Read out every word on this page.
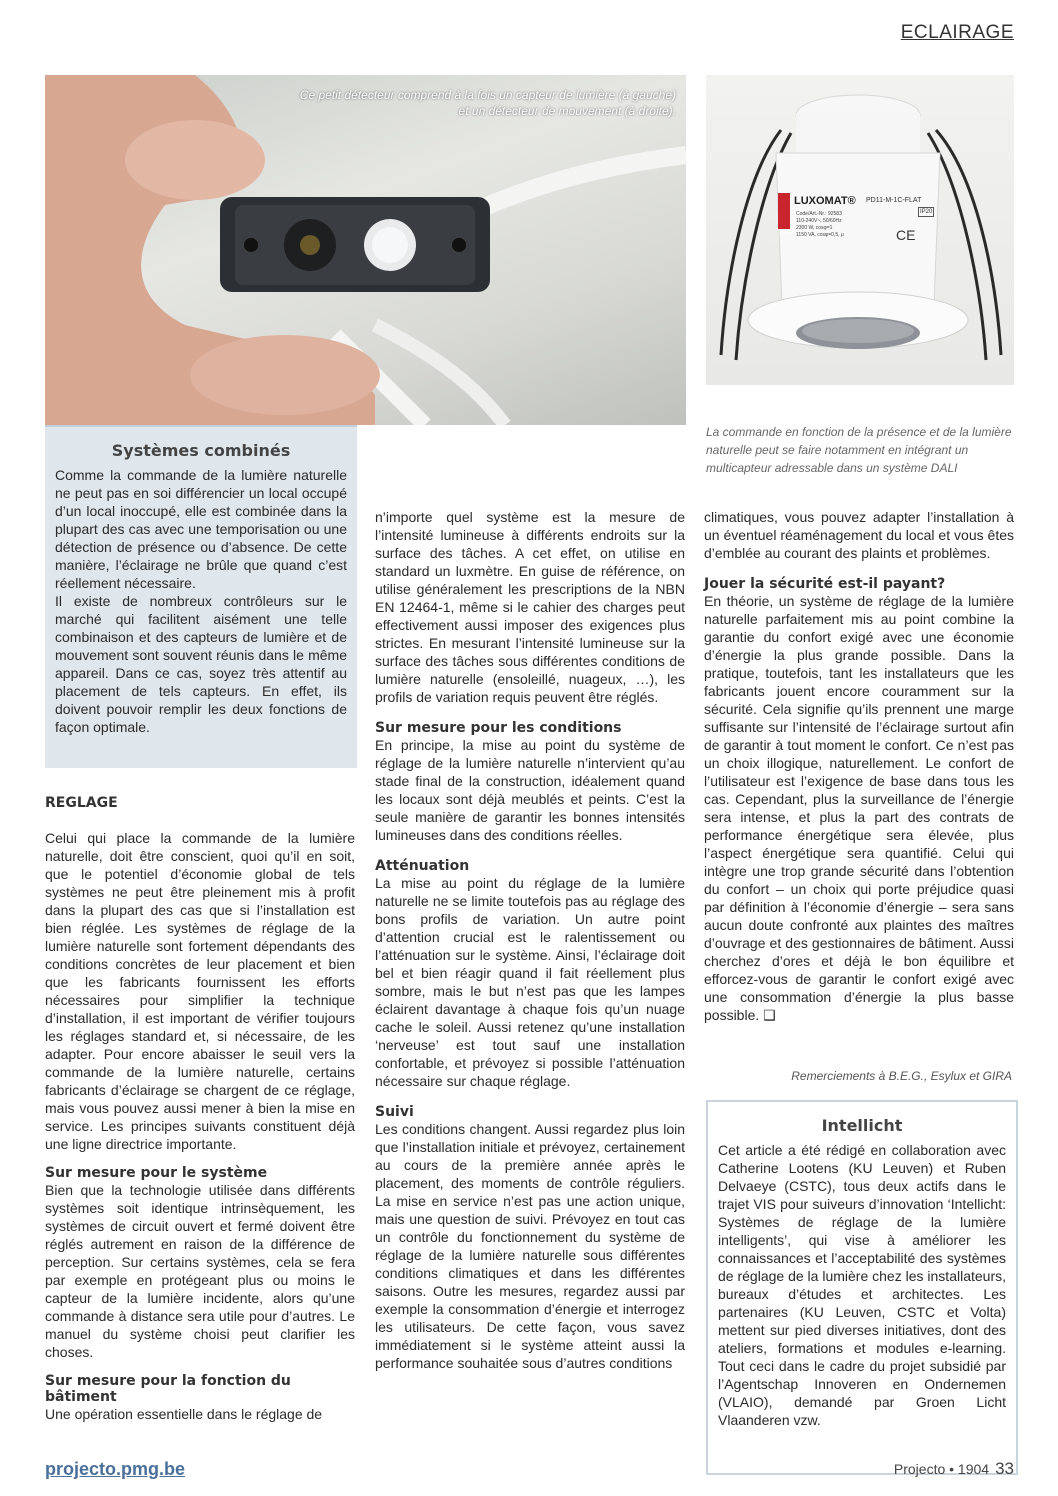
ECLAIRAGE
Ce petit détecteur comprend à la fois un capteur de lumière (à gauche)
et un détecteur de mouvement (à droite).
LUXOMAT® PD11-M-1C-FLAT
B.E.G.
Code/Art.-Nr.: 92583
110-240V~, 50/60Hz
2300 W, cosφ=1
1150 VA, cosφ=0,5, μ	CE
IP20
La commande en fonction de la présence et de la lumière naturelle peut se faire notamment en intégrant un multicapteur adressable dans un système DALI
Systèmes combinés

Comme la commande de la lumière naturelle ne peut pas en soi différencier un local occupé d’un local inoccupé, elle est combinée dans la plupart des cas avec une temporisation ou une détection de présence ou d’absence. De cette manière, l’éclairage ne brûle que quand c’est réellement nécessaire.

Il existe de nombreux contrôleurs sur le marché qui facilitent aisément une telle combinaison et des capteurs de lumière et de mouvement sont souvent réunis dans le même appareil. Dans ce cas, soyez très attentif au placement de tels capteurs. En effet, ils doivent pouvoir remplir les deux fonctions de façon optimale.

REGLAGE

Celui qui place la commande de la lumière naturelle, doit être conscient, quoi qu’il en soit, que le potentiel d’économie global de tels systèmes ne peut être pleinement mis à profit dans la plupart des cas que si l’installation est bien réglée. Les systèmes de réglage de la lumière naturelle sont fortement dépendants des conditions concrètes de leur placement et bien que les fabricants fournissent les efforts nécessaires pour simplifier la technique d’installation, il est important de vérifier toujours les réglages standard et, si nécessaire, de les adapter. Pour encore abaisser le seuil vers la commande de la lumière naturelle, certains fabricants d’éclairage se chargent de ce réglage, mais vous pouvez aussi mener à bien la mise en service. Les principes suivants constituent déjà une ligne directrice importante.

Sur mesure pour le système

Bien que la technologie utilisée dans différents systèmes soit identique intrinsèquement, les systèmes de circuit ouvert et fermé doivent être réglés autrement en raison de la différence de perception. Sur certains systèmes, cela se fera par exemple en protégeant plus ou moins le capteur de la lumière incidente, alors qu’une commande à distance sera utile pour d’autres. Le manuel du système choisi peut clarifier les choses.

Sur mesure pour la fonction du bâtiment

Une opération essentielle dans le réglage de

n’importe quel système est la mesure de l’intensité lumineuse à différents endroits sur la surface des tâches. A cet effet, on utilise en standard un luxmètre. En guise de référence, on utilise généralement les prescriptions de la NBN EN 12464-1, même si le cahier des charges peut effectivement aussi imposer des exigences plus strictes. En mesurant l’intensité lumineuse sur la surface des tâches sous différentes conditions de lumière naturelle (ensoleillé, nuageux, …), les profils de variation requis peuvent être réglés.

Sur mesure pour les conditions

En principe, la mise au point du système de réglage de la lumière naturelle n’intervient qu’au stade final de la construction, idéalement quand les locaux sont déjà meublés et peints. C’est la seule manière de garantir les bonnes intensités lumineuses dans des conditions réelles.

Atténuation

La mise au point du réglage de la lumière naturelle ne se limite toutefois pas au réglage des bons profils de variation. Un autre point d’attention crucial est le ralentissement ou l’atténuation sur le système. Ainsi, l’éclairage doit bel et bien réagir quand il fait réellement plus sombre, mais le but n’est pas que les lampes éclairent davantage à chaque fois qu’un nuage cache le soleil. Aussi retenez qu’une installation ‘nerveuse’ est tout sauf une installation confortable, et prévoyez si possible l’atténuation nécessaire sur chaque réglage.

Suivi

Les conditions changent. Aussi regardez plus loin que l’installation initiale et prévoyez, certainement au cours de la première année après le placement, des moments de contrôle réguliers. La mise en service n’est pas une action unique, mais une question de suivi. Prévoyez en tout cas un contrôle du fonctionnement du système de réglage de la lumière naturelle sous différentes conditions climatiques et dans les différentes saisons. Outre les mesures, regardez aussi par exemple la consommation d’énergie et interrogez les utilisateurs. De cette façon, vous savez immédiatement si le système atteint aussi la performance souhaitée sous d’autres conditions

climatiques, vous pouvez adapter l’installation à un éventuel réaménagement du local et vous êtes d’emblée au courant des plaints et problèmes.

Jouer la sécurité est-il payant?

En théorie, un système de réglage de la lumière naturelle parfaitement mis au point combine la garantie du confort exigé avec une économie d’énergie la plus grande possible. Dans la pratique, toutefois, tant les installateurs que les fabricants jouent encore couramment sur la sécurité. Cela signifie qu’ils prennent une marge suffisante sur l’intensité de l’éclairage surtout afin de garantir à tout moment le confort. Ce n’est pas un choix illogique, naturellement. Le confort de l’utilisateur est l’exigence de base dans tous les cas. Cependant, plus la surveillance de l’énergie sera intense, et plus la part des contrats de performance énergétique sera élevée, plus l’aspect énergétique sera quantifié. Celui qui intègre une trop grande sécurité dans l’obtention du confort – un choix qui porte préjudice quasi par définition à l’économie d’énergie – sera sans aucun doute confronté aux plaintes des maîtres d’ouvrage et des gestionnaires de bâtiment. Aussi cherchez d’ores et déjà le bon équilibre et efforcez-vous de garantir le confort exigé avec une consommation d’énergie la plus basse possible. ❑

Remerciements à B.E.G., Esylux et GIRA
Intellicht

Cet article a été rédigé en collaboration avec Catherine Lootens (KU Leuven) et Ruben Delvaeye (CSTC), tous deux actifs dans le trajet VIS pour suiveurs d’innovation ‘Intellicht: Systèmes de réglage de la lumière intelligents’, qui vise à améliorer les connaissances et l’acceptabilité des systèmes de réglage de la lumière chez les installateurs, bureaux d’études et architectes. Les partenaires (KU Leuven, CSTC et Volta) mettent sur pied diverses initiatives, dont des ateliers, formations et modules e-learning. Tout ceci dans le cadre du projet subsidié par l’Agentschap Innoveren en Ondernemen (VLAIO), demandé par Groen Licht Vlaanderen vzw.

projecto.pmg.be	Projecto • 1904 33
